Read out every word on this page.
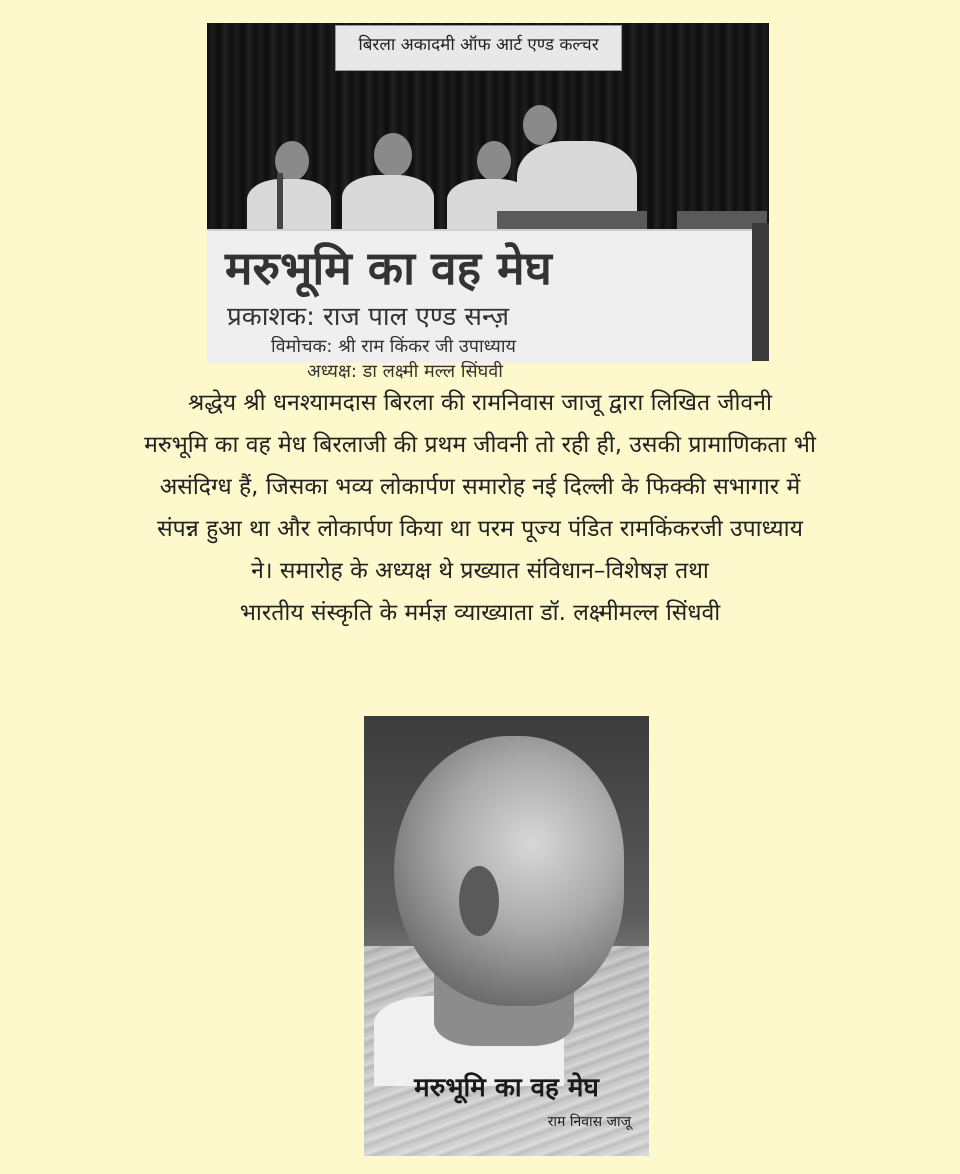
बिरला अकादमी ऑफ आर्ट एण्ड कल्चर
मरुभूमि का वह मेघ
प्रकाशक: राज पाल एण्ड सन्ज़
विमोचक: श्री राम किंकर जी उपाध्याय
अध्यक्ष: डा लक्ष्मी मल्ल सिंघवी
श्रद्धेय श्री धनश्यामदास बिरला की रामनिवास जाजू द्वारा लिखित जीवनी
मरुभूमि का वह मेध बिरलाजी की प्रथम जीवनी तो रही ही, उसकी प्रामाणिकता भी
असंदिग्ध हैं, जिसका भव्य लोकार्पण समारोह नई दिल्ली के फिक्की सभागार में
संपन्न हुआ था और लोकार्पण किया था परम पूज्य पंडित रामकिंकरजी उपाध्याय
ने। समारोह के अध्यक्ष थे प्रख्यात संविधान–विशेषज्ञ तथा
भारतीय संस्कृति के मर्मज्ञ व्याख्याता डॉ. लक्ष्मीमल्ल सिंधवी
मरुभूमि का वह मेघ
राम निवास जाजू
